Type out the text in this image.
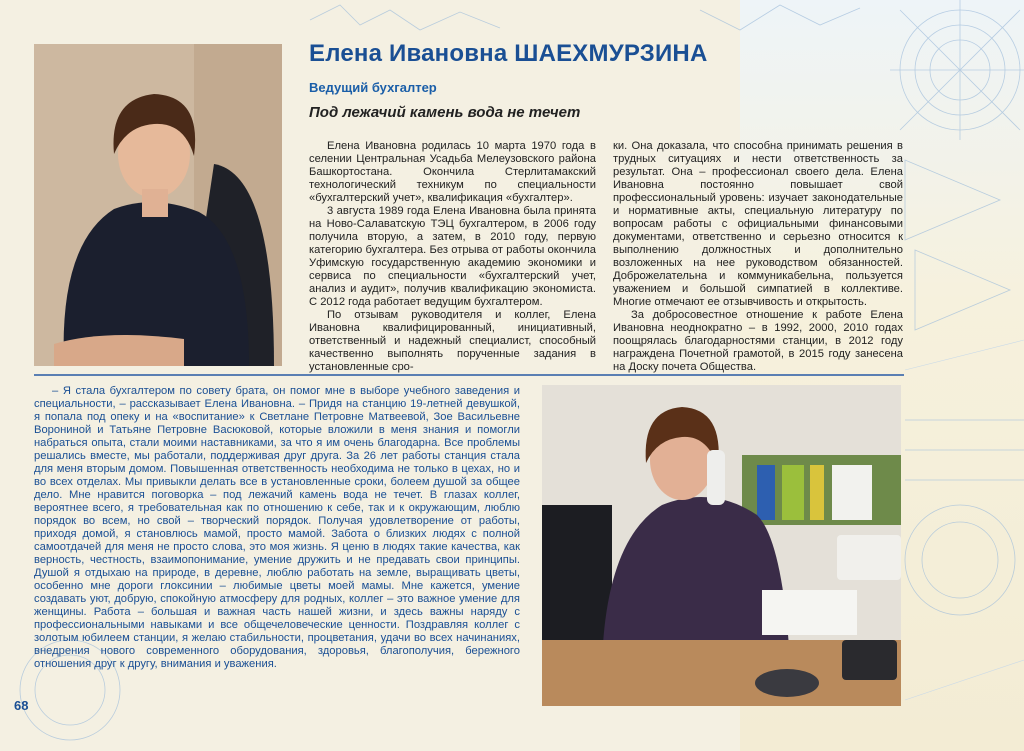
Елена Ивановна ШАЕХМУРЗИНА
Ведущий бухгалтер
Под лежачий камень вода не течет

Елена Ивановна родилась 10 марта 1970 года в селении Центральная Усадьба Мелеузовского района Башкортостана. Окончила Стерлитамакский технологический техникум по специальности «бухгалтерский учет», квалификация «бухгалтер».

3 августа 1989 года Елена Ивановна была принята на Ново-Салаватскую ТЭЦ бухгалтером, в 2006 году получила вторую, а затем, в 2010 году, первую категорию бухгалтера. Без отрыва от работы окончила Уфимскую государственную академию экономики и сервиса по специальности «бухгалтерский учет, анализ и аудит», получив квалификацию экономиста. С 2012 года работает ведущим бухгалтером.

По отзывам руководителя и коллег, Елена Ивановна квалифицированный, инициативный, ответственный и надежный специалист, способный качественно выполнять порученные задания в установленные сро-

ки. Она доказала, что способна принимать решения в трудных ситуациях и нести ответственность за результат. Она – профессионал своего дела. Елена Ивановна постоянно повышает свой профессиональный уровень: изучает законодательные и нормативные акты, специальную литературу по вопросам работы с официальными финансовыми документами, ответственно и серьезно относится к выполнению должностных и дополнительно возложенных на нее руководством обязанностей. Доброжелательна и коммуникабельна, пользуется уважением и большой симпатией в коллективе. Многие отмечают ее отзывчивость и открытость.

За добросовестное отношение к работе Елена Ивановна неоднократно – в 1992, 2000, 2010 годах поощрялась благодарностями станции, в 2012 году награждена Почетной грамотой, в 2015 году занесена на Доску почета Общества.

– Я стала бухгалтером по совету брата, он помог мне в выборе учебного заведения и специальности, – рассказывает Елена Ивановна. – Придя на станцию 19-летней девушкой, я попала под опеку и на «воспитание» к Светлане Петровне Матвеевой, Зое Васильевне Ворониной и Татьяне Петровне Васюковой, которые вложили в меня знания и помогли набраться опыта, стали моими наставниками, за что я им очень благодарна. Все проблемы решались вместе, мы работали, поддерживая друг друга. За 26 лет работы станция стала для меня вторым домом. Повышенная ответственность необходима не только в цехах, но и во всех отделах. Мы привыкли делать все в установленные сроки, болеем душой за общее дело. Мне нравится поговорка – под лежачий камень вода не течет. В глазах коллег, вероятнее всего, я требовательная как по отношению к себе, так и к окружающим, люблю порядок во всем, но свой – творческий порядок. Получая удовлетворение от работы, приходя домой, я становлюсь мамой, просто мамой. Забота о близких людях с полной самоотдачей для меня не просто слова, это моя жизнь. Я ценю в людях такие качества, как верность, честность, взаимопонимание, умение дружить и не предавать свои принципы. Душой я отдыхаю на природе, в деревне, люблю работать на земле, выращивать цветы, особенно мне дороги глоксинии – любимые цветы моей мамы. Мне кажется, умение создавать уют, добрую, спокойную атмосферу для родных, коллег – это важное умение для женщины. Работа – большая и важная часть нашей жизни, и здесь важны наряду с профессиональными навыками и все общечеловеческие ценности. Поздравляя коллег с золотым юбилеем станции, я желаю стабильности, процветания, удачи во всех начинаниях, внедрения нового современного оборудования, здоровья, благополучия, бережного отношения друг к другу, внимания и уважения.

68
